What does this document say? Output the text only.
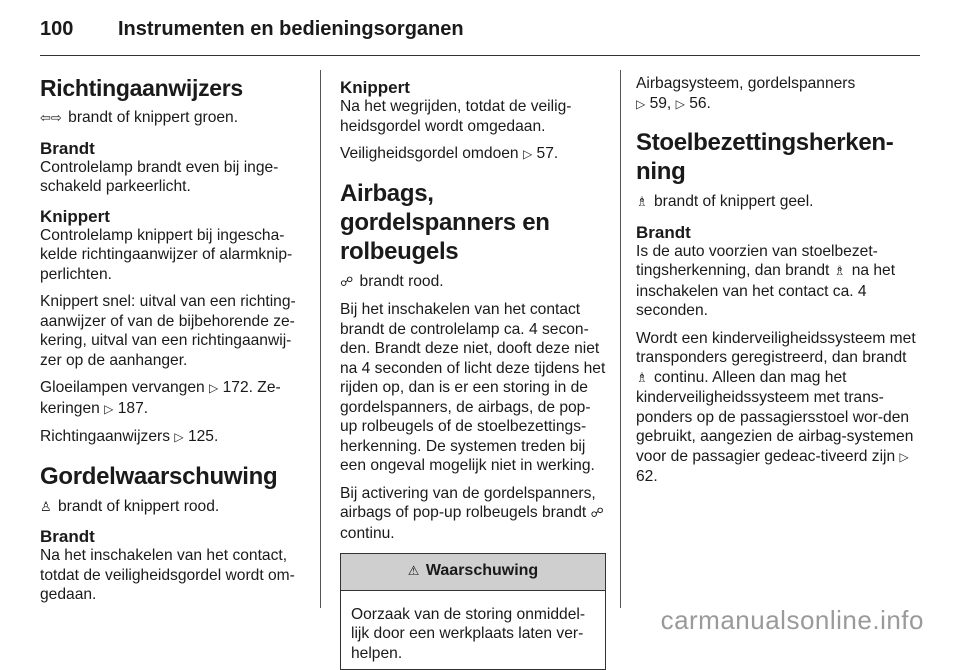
100	Instrumenten en bedieningsorganen
Richtingaanwijzers

⇦⇨ brandt of knippert groen.

Brandt

Controlelamp brandt even bij inge-schakeld parkeerlicht.

Knippert

Controlelamp knippert bij ingescha-kelde richtingaanwijzer of alarmknip-perlichten.

Knippert snel: uitval van een richting-aanwijzer of van de bijbehorende ze-kering, uitval van een richtingaanwij-zer op de aanhanger.

Gloeilampen vervangen ▷ 172. Ze-keringen ▷ 187.

Richtingaanwijzers ▷ 125.

Gordelwaarschuwing

♙ brandt of knippert rood.

Brandt

Na het inschakelen van het contact, totdat de veiligheidsgordel wordt om-gedaan.

Knippert

Na het wegrijden, totdat de veilig-heidsgordel wordt omgedaan.

Veiligheidsgordel omdoen ▷ 57.

Airbags, gordelspanners en rolbeugels

☍ brandt rood.

Bij het inschakelen van het contact brandt de controlelamp ca. 4 secon-den. Brandt deze niet, dooft deze niet na 4 seconden of licht deze tijdens het rijden op, dan is er een storing in de gordelspanners, de airbags, de pop-up rolbeugels of de stoelbezettings-herkenning. De systemen treden bij een ongeval mogelijk niet in werking.

Bij activering van de gordelspanners, airbags of pop-up rolbeugels brandt ☍ continu.

⚠ Waarschuwing
Oorzaak van de storing onmiddel-lijk door een werkplaats laten ver-helpen.

Airbagsysteem, gordelspanners

▷ 59, ▷ 56.

Stoelbezettingsherken-ning

♗ brandt of knippert geel.

Brandt

Is de auto voorzien van stoelbezet-tingsherkenning, dan brandt ♗ na het inschakelen van het contact ca. 4 seconden.

Wordt een kinderveiligheidssysteem met transponders geregistreerd, dan brandt ♗ continu. Alleen dan mag het kinderveiligheidssysteem met trans-ponders op de passagiersstoel wor-den gebruikt, aangezien de airbag-systemen voor de passagier gedeac-tiveerd zijn ▷ 62.

carmanualsonline.info
